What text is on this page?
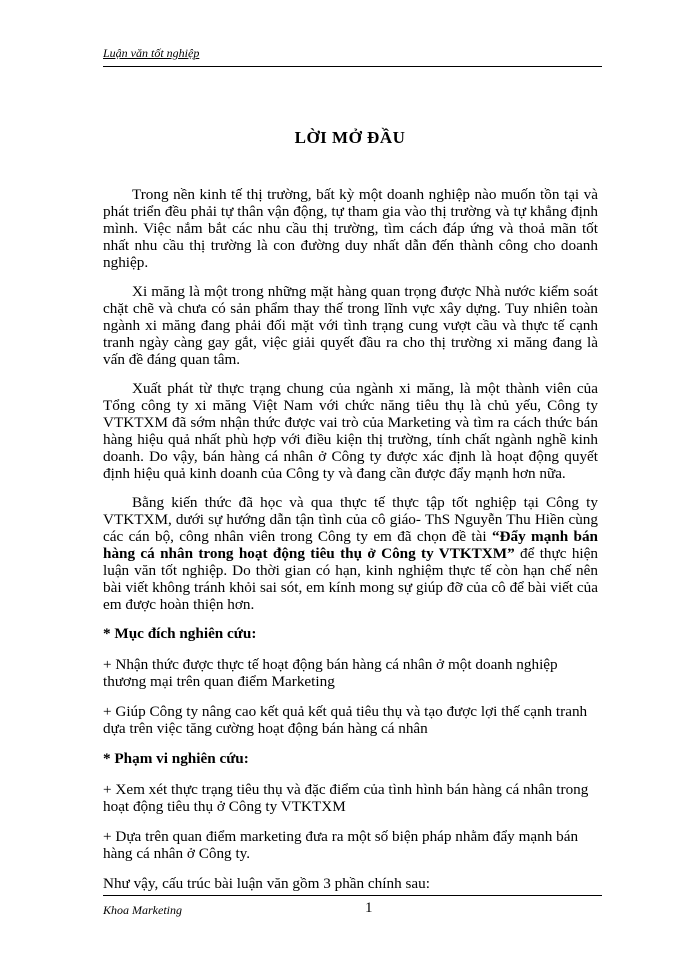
Luận văn tốt nghiệp
LỜI MỞ ĐẦU

Trong nền kinh tế thị trường, bất kỳ một doanh nghiệp nào muốn tồn tại và phát triển đều phải tự thân vận động, tự tham gia vào thị trường và tự khẳng định mình. Việc nắm bắt các nhu cầu thị trường, tìm cách đáp ứng và thoả mãn tốt nhất nhu cầu thị trường là con đường duy nhất dẫn đến thành công cho doanh nghiệp.

Xi măng là một trong những mặt hàng quan trọng được Nhà nước kiểm soát chặt chẽ và chưa có sản phẩm thay thế trong lĩnh vực xây dựng. Tuy nhiên toàn ngành xi măng đang phải đối mặt với tình trạng cung vượt cầu và thực tế cạnh tranh ngày càng gay gắt, việc giải quyết đầu ra cho thị trường xi măng đang là vấn đề đáng quan tâm.

Xuất phát từ thực trạng chung của ngành xi măng, là một thành viên của Tổng công ty xi măng Việt Nam với chức năng tiêu thụ là chủ yếu, Công ty VTKTXM đã sớm nhận thức được vai trò của Marketing và tìm ra cách thức bán hàng hiệu quả nhất phù hợp với điều kiện thị trường, tính chất ngành nghề kinh doanh. Do vậy, bán hàng cá nhân ở Công ty được xác định là hoạt động quyết định hiệu quả kinh doanh của Công ty và đang cần được đẩy mạnh hơn nữa.

Bằng kiến thức đã học và qua thực tế thực tập tốt nghiệp tại Công ty VTKTXM, dưới sự hướng dẫn tận tình của cô giáo- ThS Nguyễn Thu Hiền cùng các cán bộ, công nhân viên trong Công ty em đã chọn đề tài “Đẩy mạnh bán hàng cá nhân trong hoạt động tiêu thụ ở Công ty VTKTXM” để thực hiện luận văn tốt nghiệp. Do thời gian có hạn, kinh nghiệm thực tế còn hạn chế nên bài viết không tránh khỏi sai sót, em kính mong sự giúp đỡ của cô để bài viết của em được hoàn thiện hơn.

* Mục đích nghiên cứu:
+ Nhận thức được thực tế hoạt động bán hàng cá nhân ở một doanh nghiệp thương mại trên quan điểm Marketing
+ Giúp Công ty nâng cao kết quả kết quả tiêu thụ và tạo được lợi thế cạnh tranh dựa trên việc tăng cường hoạt động bán hàng cá nhân
* Phạm vi nghiên cứu:
+ Xem xét thực trạng tiêu thụ và đặc điểm của tình hình bán hàng cá nhân trong hoạt động tiêu thụ ở Công ty VTKTXM
+ Dựa trên quan điểm marketing đưa ra một số biện pháp nhằm đẩy mạnh bán hàng cá nhân ở Công ty.
Như vậy, cấu trúc bài luận văn gồm 3 phần chính sau:
Khoa Marketing	1
